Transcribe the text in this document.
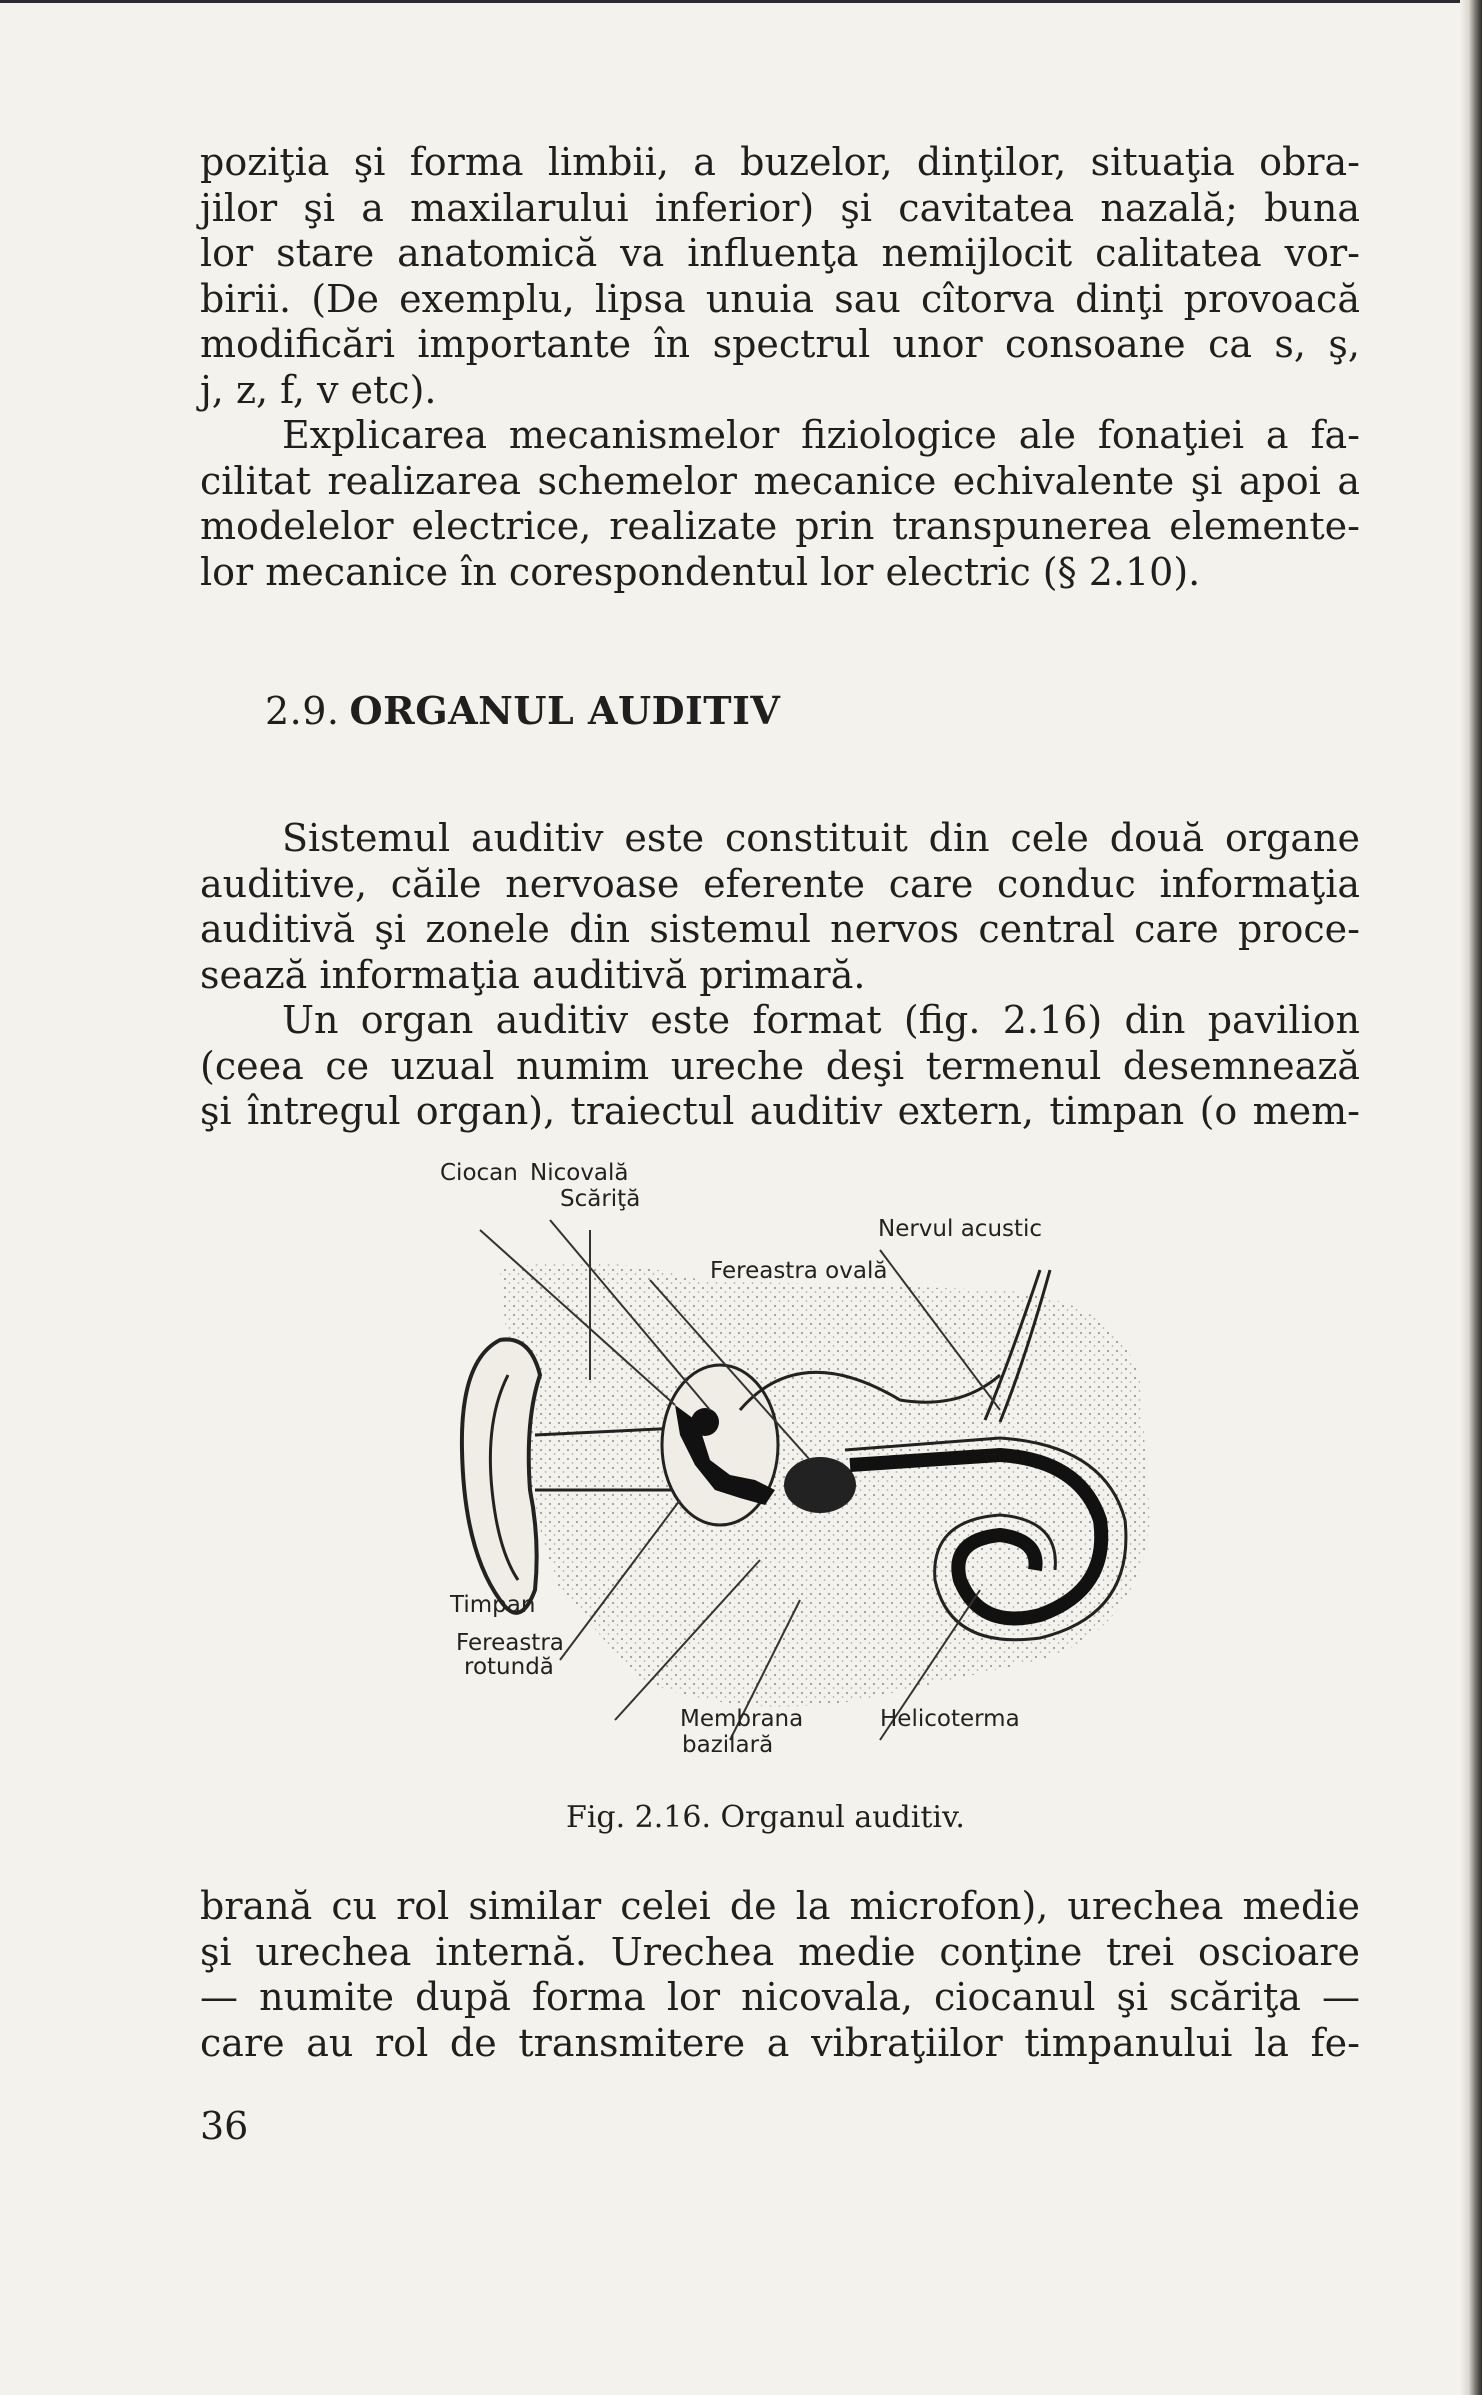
poziţia şi forma limbii, a buzelor, dinţilor, situaţia obra-
jilor şi a maxilarului inferior) şi cavitatea nazală; buna
lor stare anatomică va influenţa nemijlocit calitatea vor-
birii. (De exemplu, lipsa unuia sau cîtorva dinţi provoacă
modificări importante în spectrul unor consoane ca s, ş,
j, z, f, v etc).
Explicarea mecanismelor fiziologice ale fonaţiei a fa-
cilitat realizarea schemelor mecanice echivalente şi apoi a
modelelor electrice, realizate prin transpunerea elemente-
lor mecanice în corespondentul lor electric (§ 2.10).
2.9. ORGANUL AUDITIV
Sistemul auditiv este constituit din cele două organe
auditive, căile nervoase eferente care conduc informaţia
auditivă şi zonele din sistemul nervos central care proce-
sează informaţia auditivă primară.
Un organ auditiv este format (fig. 2.16) din pavilion
(ceea ce uzual numim ureche deşi termenul desemnează
şi întregul organ), traiectul auditiv extern, timpan (o mem-
Ciocan Nicovală
Scăriţă
Nervul acustic
Fereastra ovală
Timpan
Fereastra
rotundă
Membrana
bazilară
Helicoterma
Fig. 2.16. Organul auditiv.
brană cu rol similar celei de la microfon), urechea medie
şi urechea internă. Urechea medie conţine trei oscioare
— numite după forma lor nicovala, ciocanul şi scăriţa —
care au rol de transmitere a vibraţiilor timpanului la fe-
36
